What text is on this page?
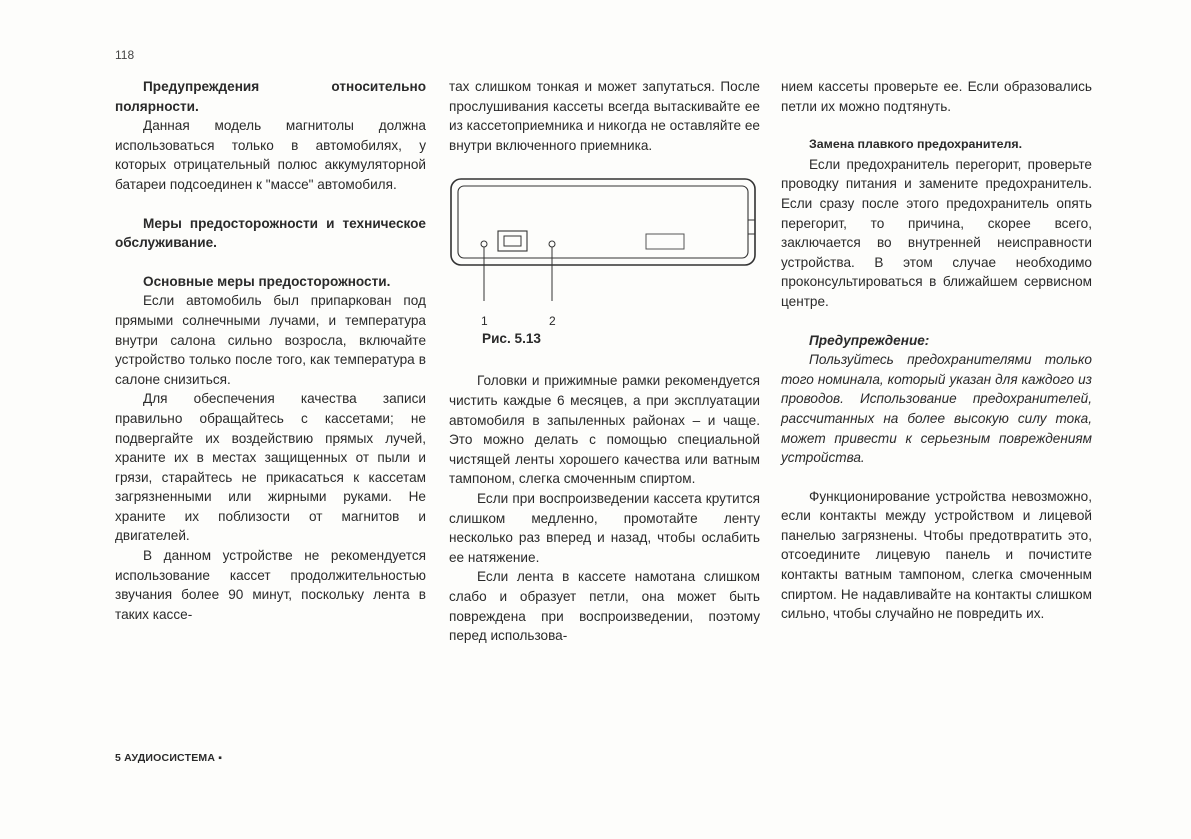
118
Предупреждения относительно полярности.

Данная модель магнитолы должна использоваться только в автомобилях, у которых отрицательный полюс аккумуляторной батареи подсоединен к "массе" автомобиля.

Меры предосторожности и техническое обслуживание.
Основные меры предосторожности.

Если автомобиль был припаркован под прямыми солнечными лучами, и температура внутри салона сильно возросла, включайте устройство только после того, как температура в салоне снизиться.

Для обеспечения качества записи правильно обращайтесь с кассетами; не подвергайте их воздействию прямых лучей, храните их в местах защищенных от пыли и грязи, старайтесь не прикасаться к кассетам загрязненными или жирными руками. Не храните их поблизости от магнитов и двигателей.

В данном устройстве не рекомендуется использование кассет продолжительностью звучания более 90 минут, поскольку лента в таких кассе-

тах слишком тонкая и может запутаться. После прослушивания кассеты всегда вытаскивайте ее из кассетоприемника и никогда не оставляйте ее внутри включенного приемника.

1	2
Рис. 5.13

Головки и прижимные рамки рекомендуется чистить каждые 6 месяцев, а при эксплуатации автомобиля в запыленных районах – и чаще. Это можно делать с помощью специальной чистящей ленты хорошего качества или ватным тампоном, слегка смоченным спиртом.

Если при воспроизведении кассета крутится слишком медленно, промотайте ленту несколько раз вперед и назад, чтобы ослабить ее натяжение.

Если лента в кассете намотана слишком слабо и образует петли, она может быть повреждена при воспроизведении, поэтому перед использова-

нием кассеты проверьте ее. Если образовались петли их можно подтянуть.

Замена плавкого предохранителя.

Если предохранитель перегорит, проверьте проводку питания и замените предохранитель. Если сразу после этого предохранитель опять перегорит, то причина, скорее всего, заключается во внутренней неисправности устройства. В этом случае необходимо проконсультироваться в ближайшем сервисном центре.

Предупреждение:

Пользуйтесь предохранителями только того номинала, который указан для каждого из проводов. Использование предохранителей, рассчитанных на более высокую силу тока, может привести к серьезным повреждениям устройства.

Функционирование устройства невозможно, если контакты между устройством и лицевой панелью загрязнены. Чтобы предотвратить это, отсоедините лицевую панель и почистите контакты ватным тампоном, слегка смоченным спиртом. Не надавливайте на контакты слишком сильно, чтобы случайно не повредить их.

5 АУДИОСИСТЕМА ▪
